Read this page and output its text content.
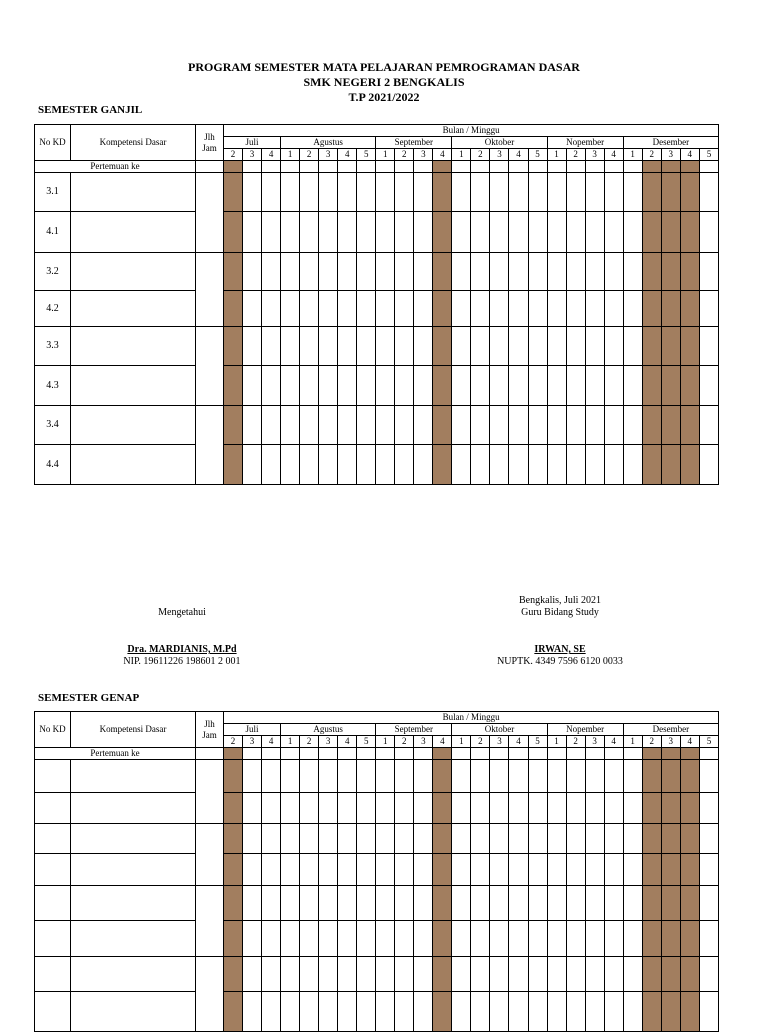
PROGRAM SEMESTER MATA PELAJARAN PEMROGRAMAN DASAR
SMK NEGERI 2 BENGKALIS
T.P 2021/2022
SEMESTER GANJIL
No KD	Kompetensi Dasar	Jlh Jam	Bulan / Minggu																									
			Juli			Agustus					September				Oktober					Nopember				Desember				
			2	3	4	1	2	3	4	5	1	2	3	4	1	2	3	4	5	1	2	3	4	1	2	3	4	5
Pertemuan ke																												
3.1																												
4.1																												
3.2																												
4.2																												
3.3																												
4.3																												
3.4																												
4.4																												
Bengkalis, Juli 2021
Guru Bidang Study
Mengetahui
Dra. MARDIANIS, M.Pd
NIP. 19611226 198601 2 001
IRWAN, SE
NUPTK. 4349 7596 6120 0033
SEMESTER GENAP
No KD	Kompetensi Dasar	Jlh Jam	Bulan / Minggu																									
			Juli			Agustus					September				Oktober					Nopember				Desember				
			2	3	4	1	2	3	4	5	1	2	3	4	1	2	3	4	5	1	2	3	4	1	2	3	4	5
Pertemuan ke																												
